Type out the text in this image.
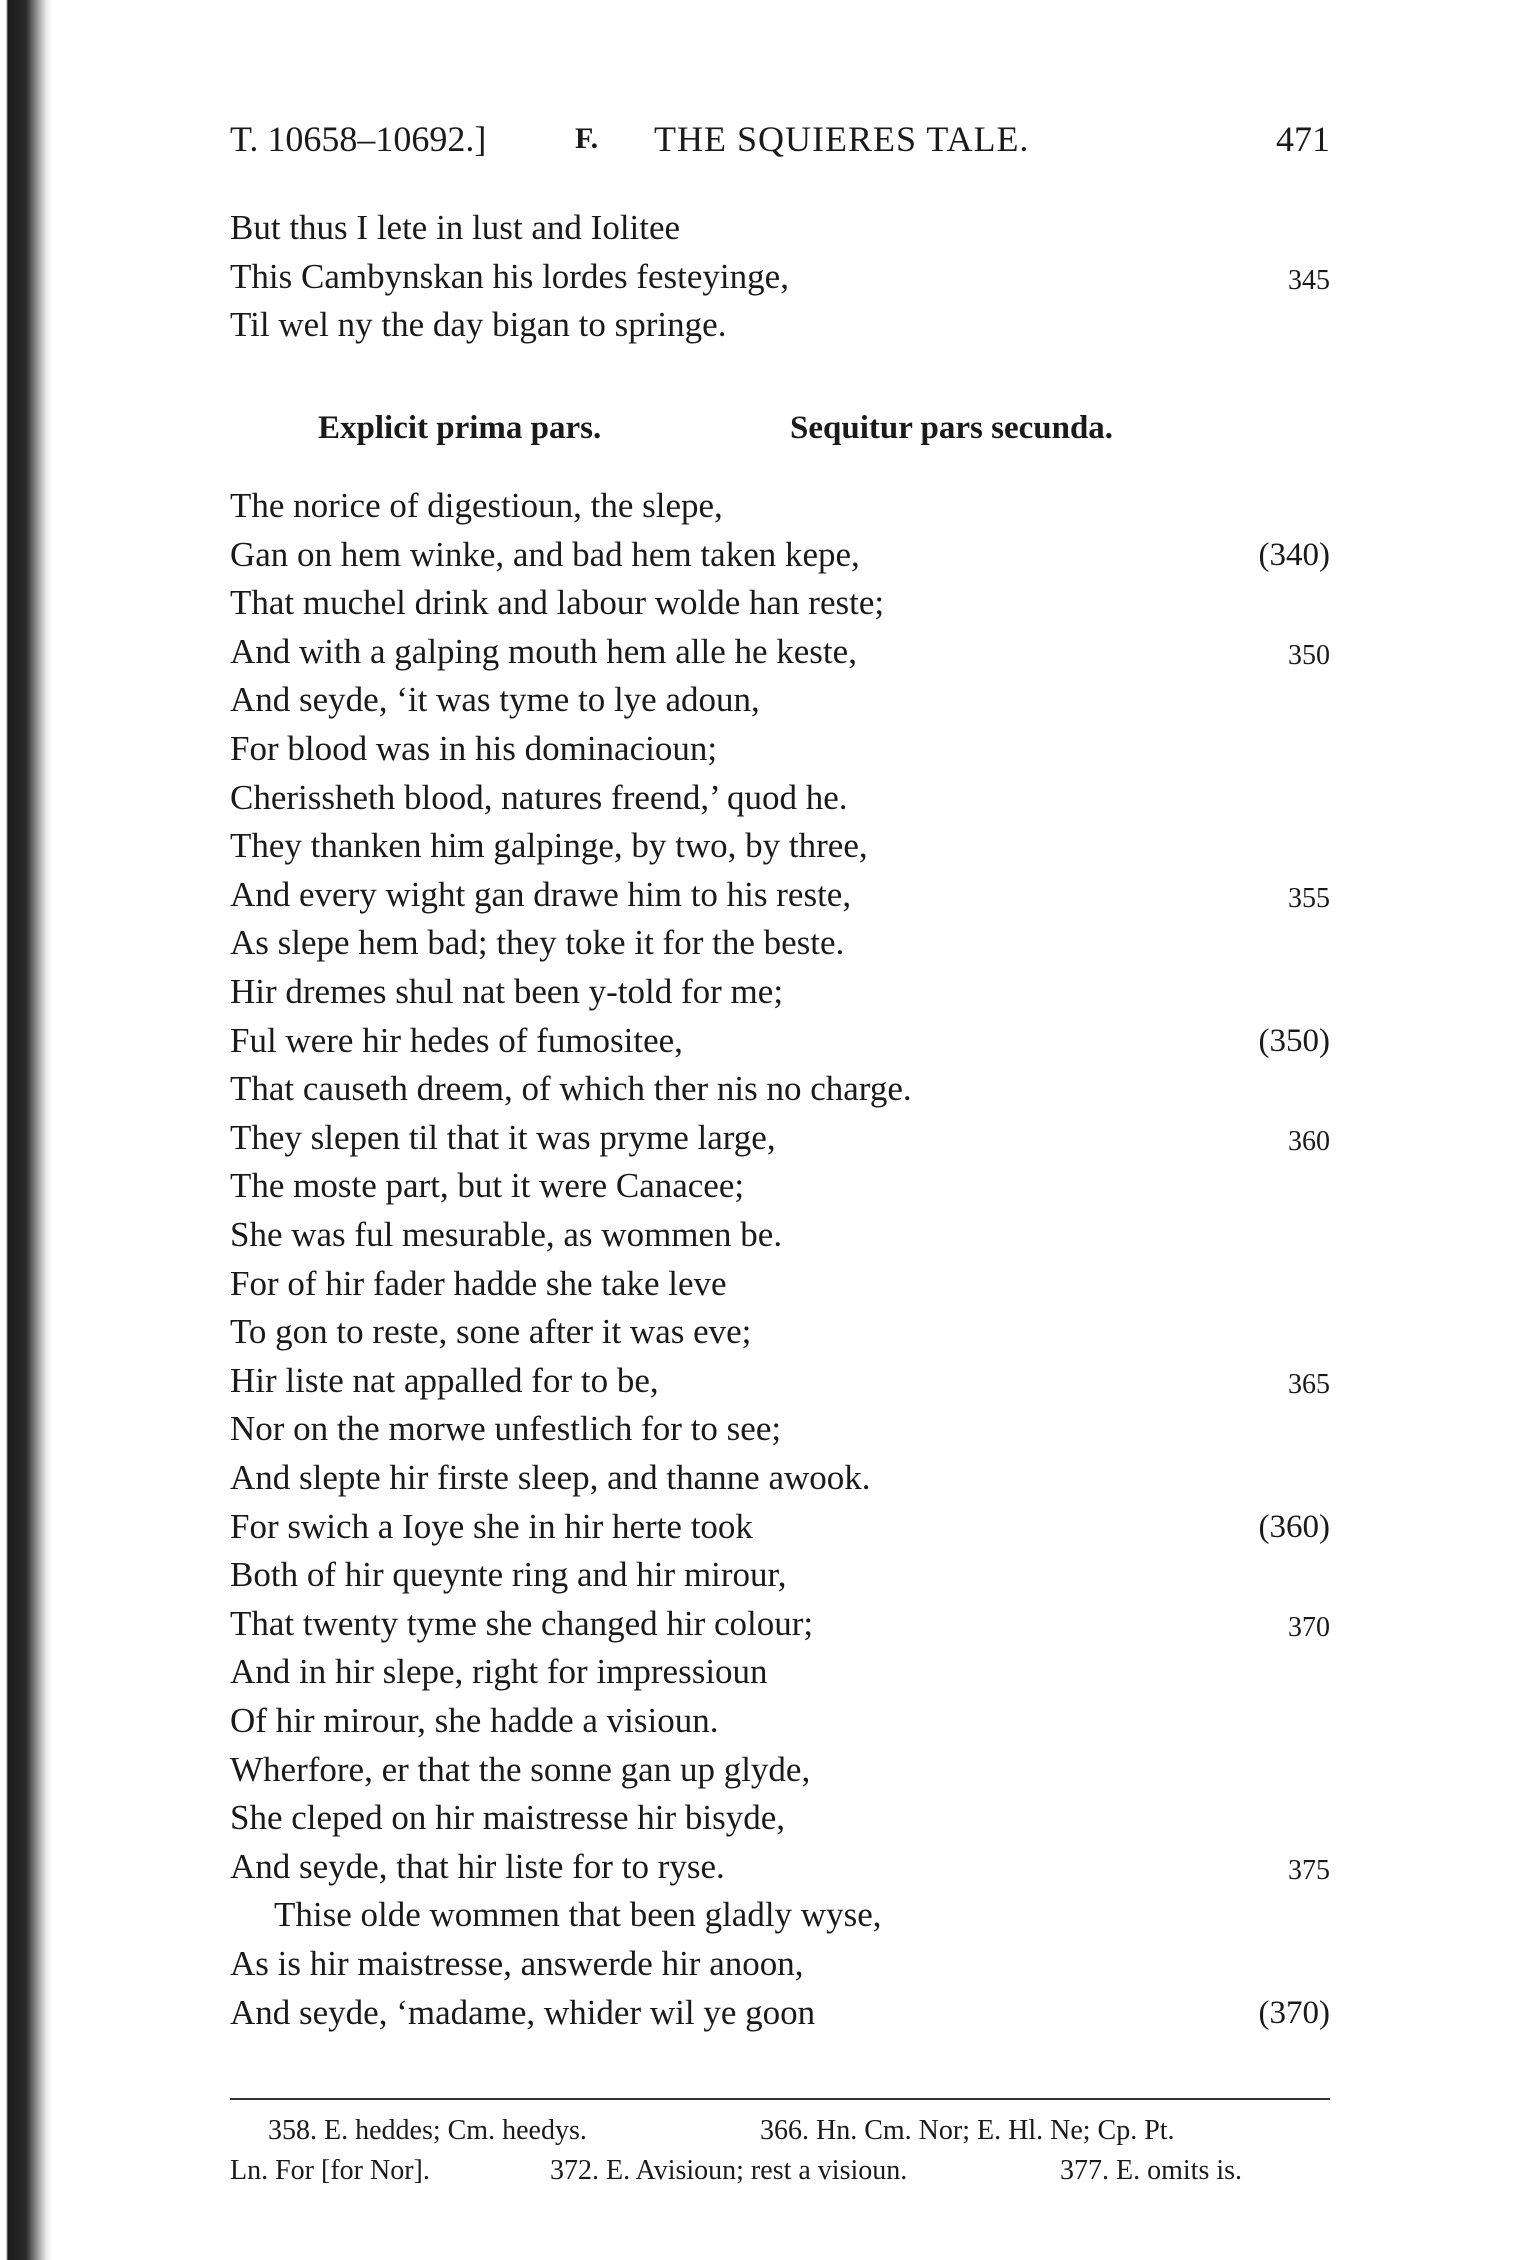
T. 10658–10692.]	F. THE SQUIERES TALE.	471
But thus I lete in lust and Iolitee
This Cambynskan his lordes festeyinge,	345
Til wel ny the day bigan to springe.
Explicit prima pars.	Sequitur pars secunda.
The norice of digestioun, the slepe,
Gan on hem winke, and bad hem taken kepe,	(340)
That muchel drink and labour wolde han reste;
And with a galping mouth hem alle he keste,	350
And seyde, ‘it was tyme to lye adoun,
For blood was in his dominacioun;
Cherissheth blood, natures freend,’ quod he.
They thanken him galpinge, by two, by three,
And every wight gan drawe him to his reste,	355
As slepe hem bad; they toke it for the beste.
Hir dremes shul nat been y-told for me;
Ful were hir hedes of fumositee,	(350)
That causeth dreem, of which ther nis no charge.
They slepen til that it was pryme large,	360
The moste part, but it were Canacee;
She was ful mesurable, as wommen be.
For of hir fader hadde she take leve
To gon to reste, sone after it was eve;
Hir liste nat appalled for to be,	365
Nor on the morwe unfestlich for to see;
And slepte hir firste sleep, and thanne awook.
For swich a Ioye she in hir herte took	(360)
Both of hir queynte ring and hir mirour,
That twenty tyme she changed hir colour;	370
And in hir slepe, right for impressioun
Of hir mirour, she hadde a visioun.
Wherfore, er that the sonne gan up glyde,
She cleped on hir maistresse hir bisyde,
And seyde, that hir liste for to ryse.	375
Thise olde wommen that been gladly wyse,
As is hir maistresse, answerde hir anoon,
And seyde, ‘madame, whider wil ye goon	(370)
358. E. heddes; Cm. heedys.	366. Hn. Cm. Nor; E. Hl. Ne; Cp. Pt.
Ln. For [for Nor].	372. E. Avisioun; rest a visioun.	377. E. omits is.
